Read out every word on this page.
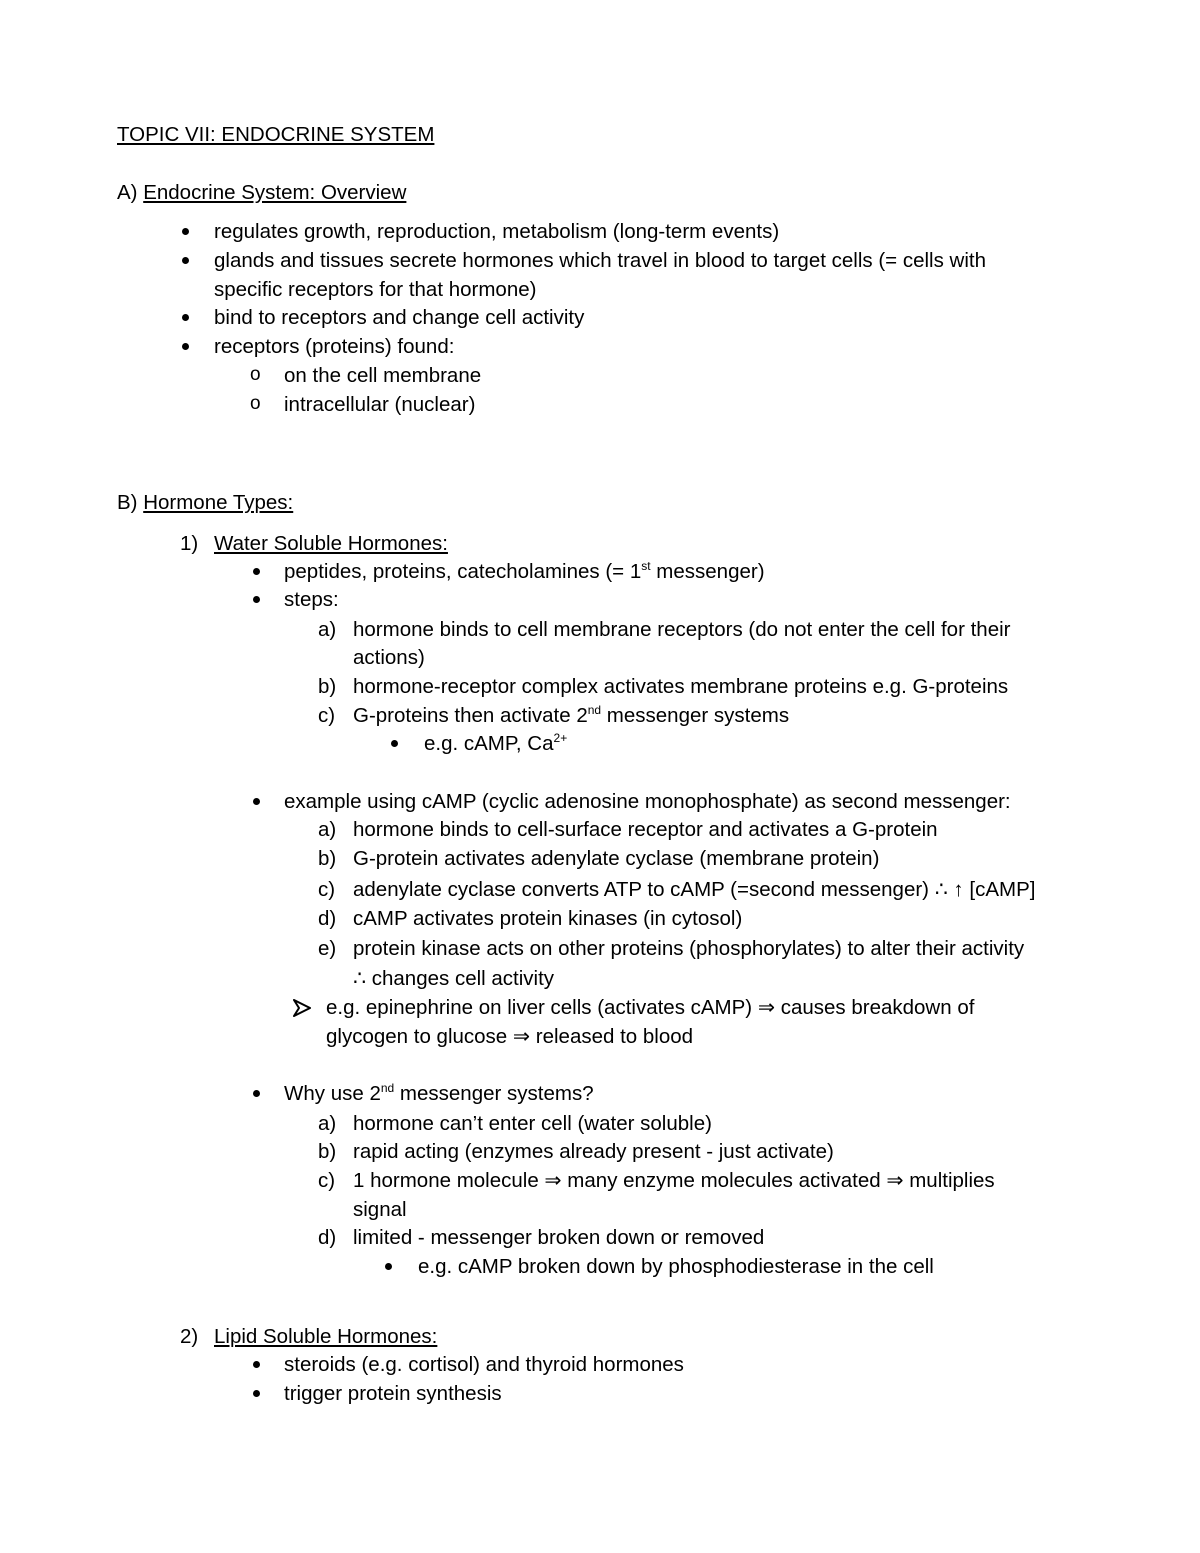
TOPIC VII: ENDOCRINE SYSTEM
A) Endocrine System: Overview
regulates growth, reproduction, metabolism (long-term events)
glands and tissues secrete hormones which travel in blood to target cells (= cells with
specific receptors for that hormone)
bind to receptors and change cell activity
receptors (proteins) found:
o on the cell membrane
o intracellular (nuclear)
B) Hormone Types:
1) Water Soluble Hormones:
peptides, proteins, catecholamines (= 1st messenger)
steps:
a) hormone binds to cell membrane receptors (do not enter the cell for their
actions)
b) hormone-receptor complex activates membrane proteins e.g. G-proteins
c) G-proteins then activate 2nd messenger systems
e.g. cAMP, $Ca^{2+}$
example using cAMP (cyclic adenosine monophosphate) as second messenger:
a) hormone binds to cell-surface receptor and activates a G-protein
b) G-protein activates adenylate cyclase (membrane protein)
c) adenylate cyclase converts ATP to cAMP (=second messenger) ∴ ↑ [cAMP]
d) cAMP activates protein kinases (in cytosol)
e) protein kinase acts on other proteins (phosphorylates) to alter their activity
∴ changes cell activity
e.g. epinephrine on liver cells (activates cAMP) ⇒ causes breakdown of
glycogen to glucose ⇒ released to blood
Why use 2nd messenger systems?
a) hormone can’t enter cell (water soluble)
b) rapid acting (enzymes already present - just activate)
c) 1 hormone molecule ⇒ many enzyme molecules activated ⇒ multiplies
signal
d) limited - messenger broken down or removed
e.g. cAMP broken down by phosphodiesterase in the cell
2) Lipid Soluble Hormones:
steroids (e.g. cortisol) and thyroid hormones
trigger protein synthesis
